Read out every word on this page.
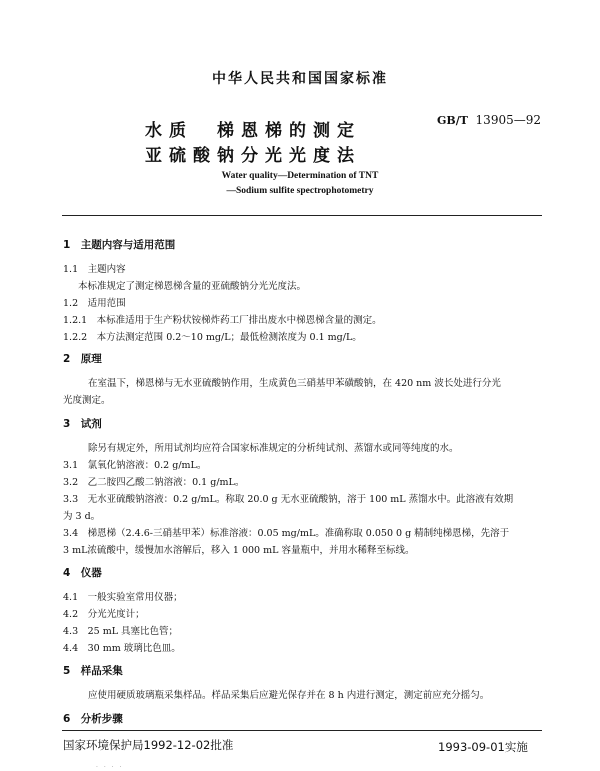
中华人民共和国国家标准
水质　梯恩梯的测定
亚硫酸钠分光光度法
GB/T 13905—92
Water quality—Determination of TNT
—Sodium sulfite spectrophotometry
1　主题内容与适用范围
1.1　主题内容
本标准规定了测定梯恩梯含量的亚硫酸钠分光光度法。
1.2　适用范围
1.2.1　本标准适用于生产粉状铵梯炸药工厂排出废水中梯恩梯含量的测定。
1.2.2　本方法测定范围 0.2～10 mg/L；最低检测浓度为 0.1 mg/L。
2　原理
在室温下，梯恩梯与无水亚硫酸钠作用，生成黄色三硝基甲苯磺酸钠，在 420 nm 波长处进行分光
光度测定。
3　试剂
除另有规定外，所用试剂均应符合国家标准规定的分析纯试剂、蒸馏水或同等纯度的水。
3.1　氯氧化钠溶液：0.2 g/mL。
3.2　乙二胺四乙酸二钠溶液：0.1 g/mL。
3.3　无水亚硫酸钠溶液：0.2 g/mL。称取 20.0 g 无水亚硫酸钠，溶于 100 mL 蒸馏水中。此溶液有效期
为 3 d。
3.4　梯恩梯（2.4.6-三硝基甲苯）标准溶液：0.05 mg/mL。准确称取 0.050 0 g 精制纯梯恩梯，先溶于
3 mL浓硫酸中，缓慢加水溶解后，移入 1 000 mL 容量瓶中，并用水稀释至标线。
4　仪器
4.1　一般实验室常用仪器；
4.2　分光光度计；
4.3　25 mL 具塞比色管；
4.4　30 mm 玻璃比色皿。
5　样品采集
应使用硬质玻璃瓶采集样品。样品采集后应避光保存并在 8 h 内进行测定，测定前应充分摇匀。
6　分析步骤
国家环境保护局1992-12-02批准	1993-09-01实施
· · · ·
